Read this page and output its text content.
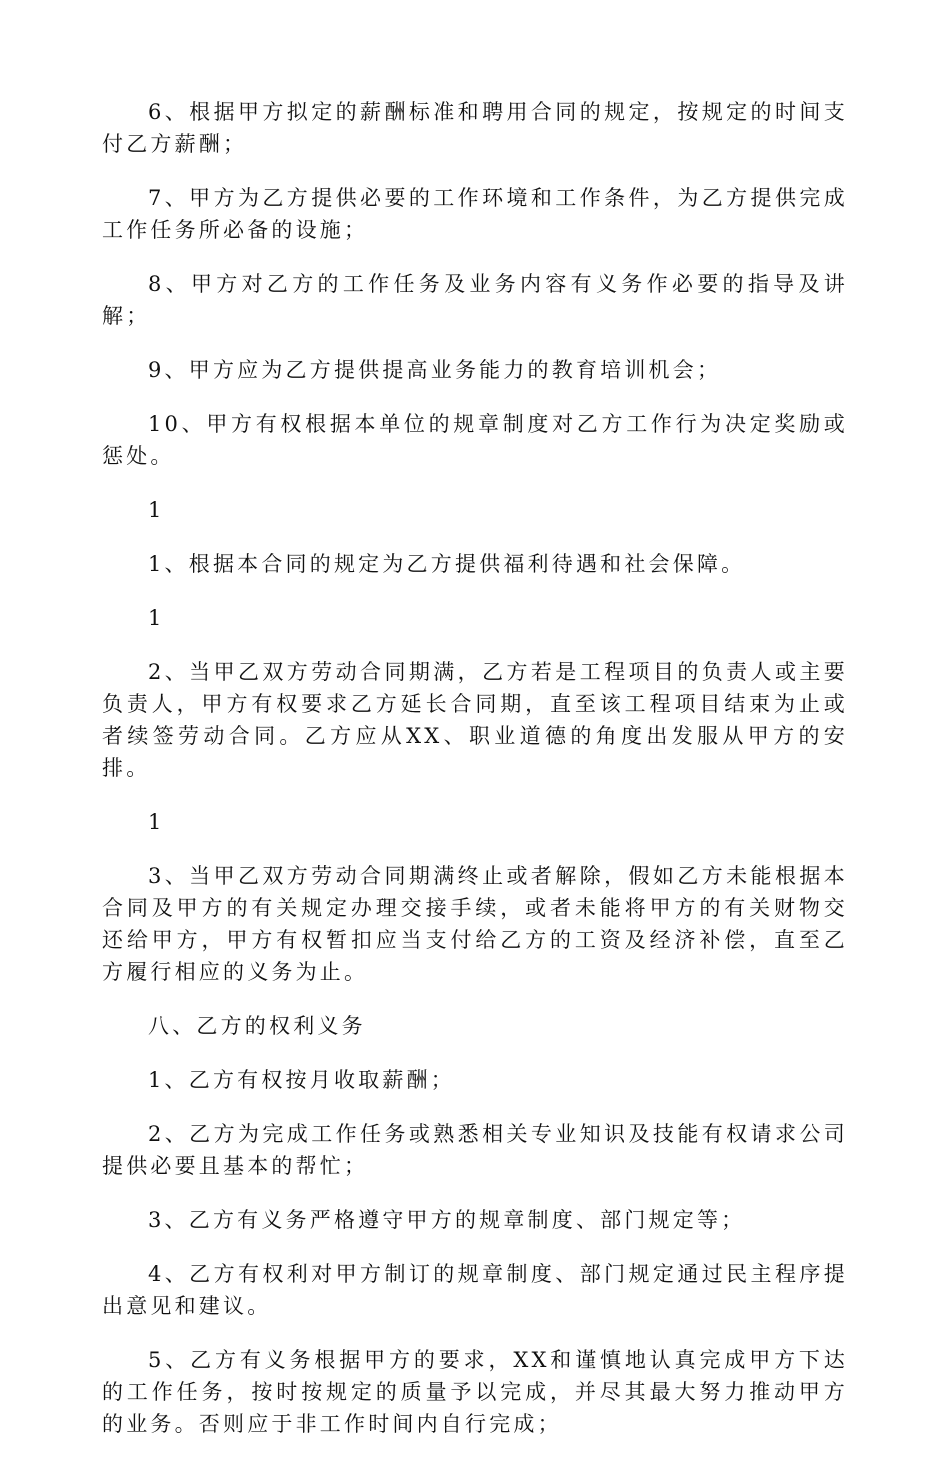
6、根据甲方拟定的薪酬标准和聘用合同的规定，按规定的时间支付乙方薪酬；

7、甲方为乙方提供必要的工作环境和工作条件，为乙方提供完成工作任务所必备的设施；

8、甲方对乙方的工作任务及业务内容有义务作必要的指导及讲解；

9、甲方应为乙方提供提高业务能力的教育培训机会；

10、甲方有权根据本单位的规章制度对乙方工作行为决定奖励或惩处。

1

1、根据本合同的规定为乙方提供福利待遇和社会保障。

1

2、当甲乙双方劳动合同期满，乙方若是工程项目的负责人或主要负责人，甲方有权要求乙方延长合同期，直至该工程项目结束为止或者续签劳动合同。乙方应从XX、职业道德的角度出发服从甲方的安排。

1

3、当甲乙双方劳动合同期满终止或者解除，假如乙方未能根据本合同及甲方的有关规定办理交接手续，或者未能将甲方的有关财物交还给甲方，甲方有权暂扣应当支付给乙方的工资及经济补偿，直至乙方履行相应的义务为止。

八、乙方的权利义务

1、乙方有权按月收取薪酬；

2、乙方为完成工作任务或熟悉相关专业知识及技能有权请求公司提供必要且基本的帮忙；

3、乙方有义务严格遵守甲方的规章制度、部门规定等；

4、乙方有权利对甲方制订的规章制度、部门规定通过民主程序提出意见和建议。

5、乙方有义务根据甲方的要求，XX和谨慎地认真完成甲方下达的工作任务，按时按规定的质量予以完成，并尽其最大努力推动甲方的业务。否则应于非工作时间内自行完成；
